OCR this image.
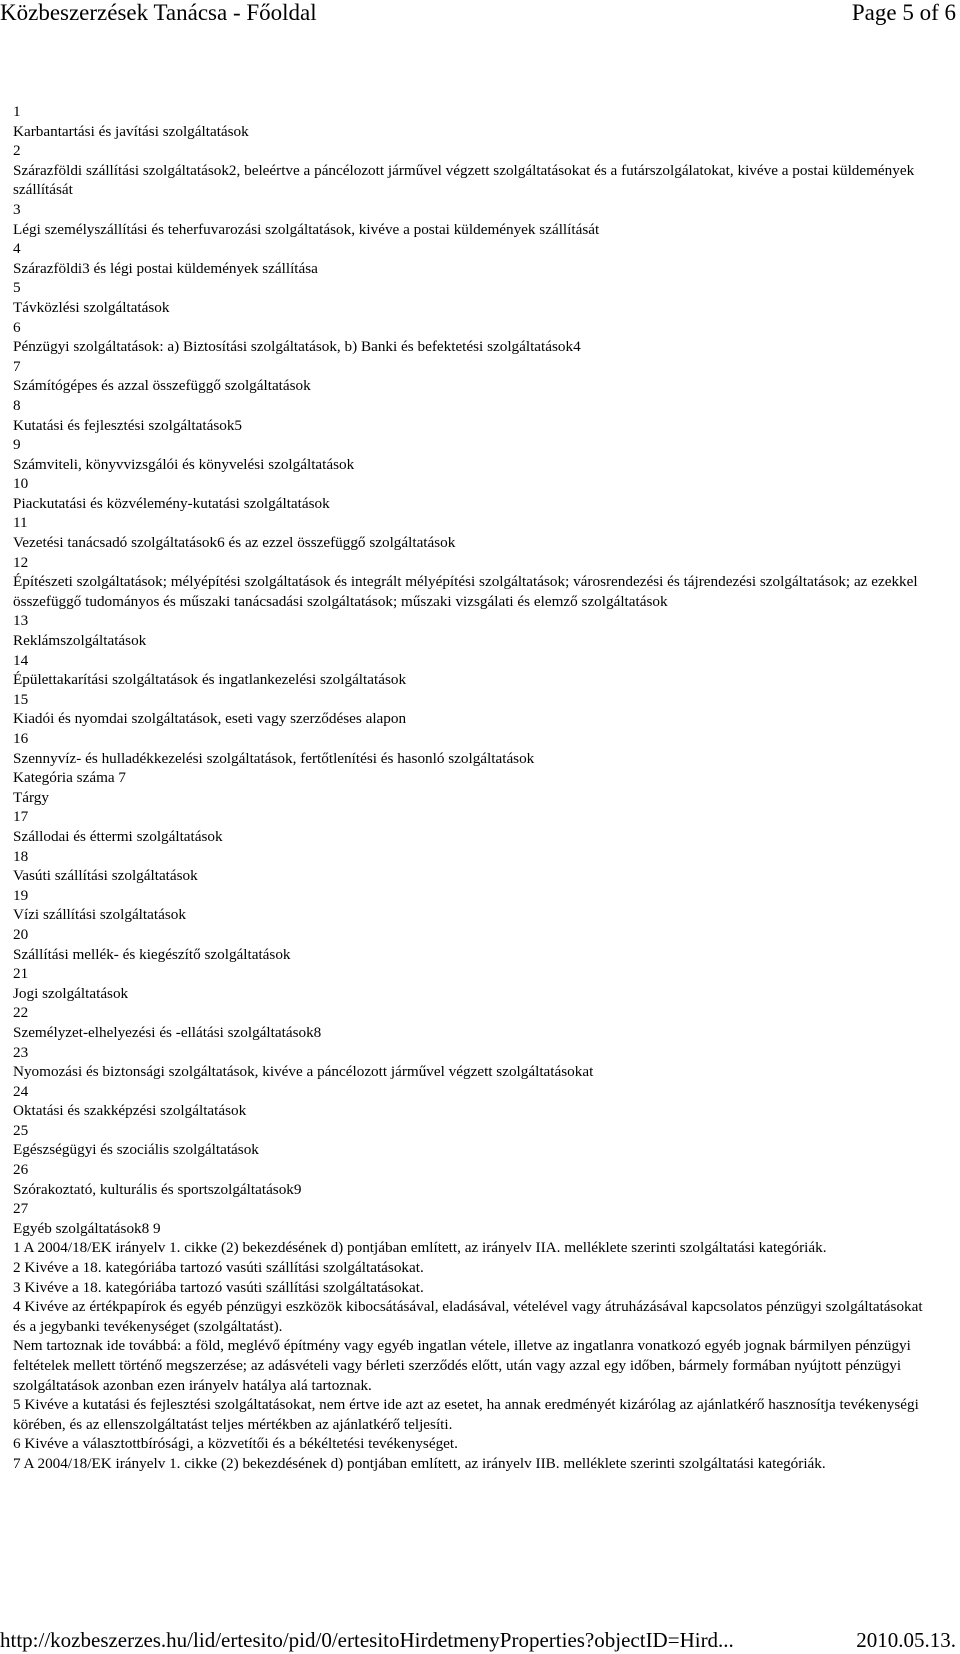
Közbeszerzések Tanácsa - Főoldal	Page 5 of 6
1
Karbantartási és javítási szolgáltatások
2
Szárazföldi szállítási szolgáltatások2, beleértve a páncélozott járművel végzett szolgáltatásokat és a futárszolgálatokat, kivéve a postai küldemények szállítását
3
Légi személyszállítási és teherfuvarozási szolgáltatások, kivéve a postai küldemények szállítását
4
Szárazföldi3 és légi postai küldemények szállítása
5
Távközlési szolgáltatások
6
Pénzügyi szolgáltatások: a) Biztosítási szolgáltatások, b) Banki és befektetési szolgáltatások4
7
Számítógépes és azzal összefüggő szolgáltatások
8
Kutatási és fejlesztési szolgáltatások5
9
Számviteli, könyvvizsgálói és könyvelési szolgáltatások
10
Piackutatási és közvélemény-kutatási szolgáltatások
11
Vezetési tanácsadó szolgáltatások6 és az ezzel összefüggő szolgáltatások
12
Építészeti szolgáltatások; mélyépítési szolgáltatások és integrált mélyépítési szolgáltatások; városrendezési és tájrendezési szolgáltatások; az ezekkel összefüggő tudományos és műszaki tanácsadási szolgáltatások; műszaki vizsgálati és elemző szolgáltatások
13
Reklámszolgáltatások
14
Épülettakarítási szolgáltatások és ingatlankezelési szolgáltatások
15
Kiadói és nyomdai szolgáltatások, eseti vagy szerződéses alapon
16
Szennyvíz- és hulladékkezelési szolgáltatások, fertőtlenítési és hasonló szolgáltatások
Kategória száma 7
Tárgy
17
Szállodai és éttermi szolgáltatások
18
Vasúti szállítási szolgáltatások
19
Vízi szállítási szolgáltatások
20
Szállítási mellék- és kiegészítő szolgáltatások
21
Jogi szolgáltatások
22
Személyzet-elhelyezési és -ellátási szolgáltatások8
23
Nyomozási és biztonsági szolgáltatások, kivéve a páncélozott járművel végzett szolgáltatásokat
24
Oktatási és szakképzési szolgáltatások
25
Egészségügyi és szociális szolgáltatások
26
Szórakoztató, kulturális és sportszolgáltatások9
27
Egyéb szolgáltatások8 9
1 A 2004/18/EK irányelv 1. cikke (2) bekezdésének d) pontjában említett, az irányelv IIA. melléklete szerinti szolgáltatási kategóriák.
2 Kivéve a 18. kategóriába tartozó vasúti szállítási szolgáltatásokat.
3 Kivéve a 18. kategóriába tartozó vasúti szállítási szolgáltatásokat.
4 Kivéve az értékpapírok és egyéb pénzügyi eszközök kibocsátásával, eladásával, vételével vagy átruházásával kapcsolatos pénzügyi szolgáltatásokat és a jegybanki tevékenységet (szolgáltatást).
Nem tartoznak ide továbbá: a föld, meglévő építmény vagy egyéb ingatlan vétele, illetve az ingatlanra vonatkozó egyéb jognak bármilyen pénzügyi feltételek mellett történő megszerzése; az adásvételi vagy bérleti szerződés előtt, után vagy azzal egy időben, bármely formában nyújtott pénzügyi szolgáltatások azonban ezen irányelv hatálya alá tartoznak.
5 Kivéve a kutatási és fejlesztési szolgáltatásokat, nem értve ide azt az esetet, ha annak eredményét kizárólag az ajánlatkérő hasznosítja tevékenységi körében, és az ellenszolgáltatást teljes mértékben az ajánlatkérő teljesíti.
6 Kivéve a választottbírósági, a közvetítői és a békéltetési tevékenységet.
7 A 2004/18/EK irányelv 1. cikke (2) bekezdésének d) pontjában említett, az irányelv IIB. melléklete szerinti szolgáltatási kategóriák.
http://kozbeszerzes.hu/lid/ertesito/pid/0/ertesitoHirdetmenyProperties?objectID=Hird...	2010.05.13.
